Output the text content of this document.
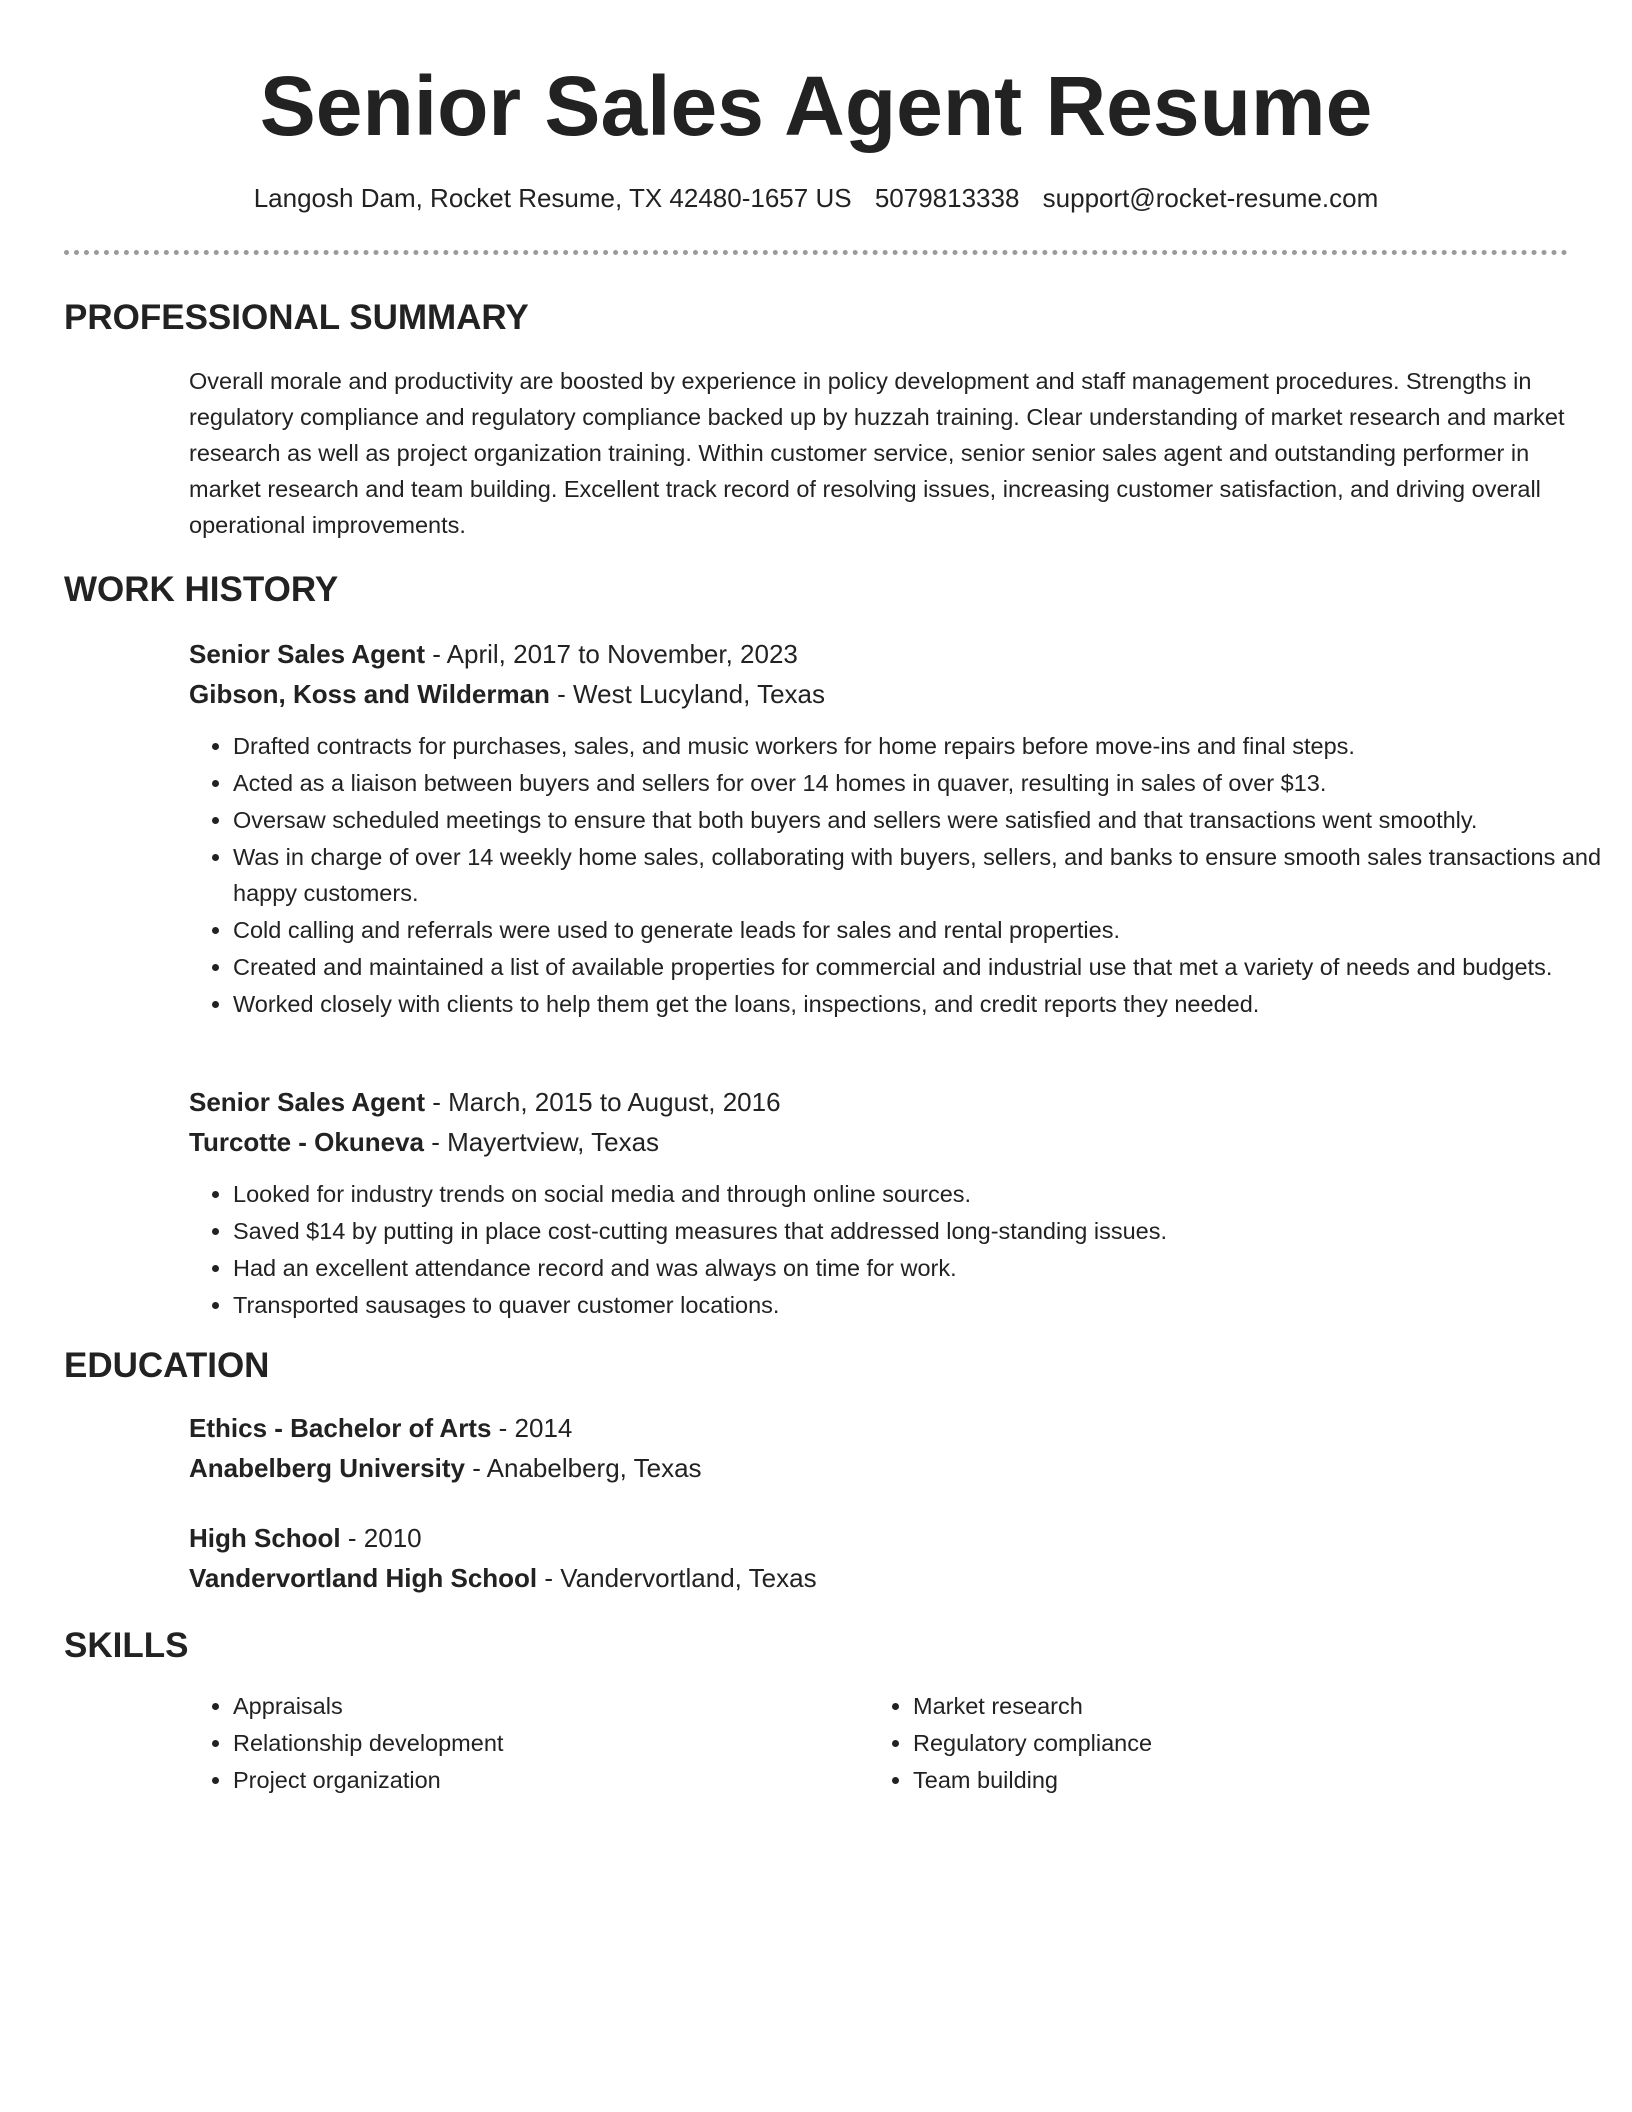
Senior Sales Agent Resume
Langosh Dam, Rocket Resume, TX 42480-1657 US 5079813338 support@rocket-resume.com
PROFESSIONAL SUMMARY

Overall morale and productivity are boosted by experience in policy development and staff management procedures. Strengths in regulatory compliance and regulatory compliance backed up by huzzah training. Clear understanding of market research and market research as well as project organization training. Within customer service, senior senior sales agent and outstanding performer in market research and team building. Excellent track record of resolving issues, increasing customer satisfaction, and driving overall operational improvements.

WORK HISTORY
Senior Sales Agent - April, 2017 to November, 2023
Gibson, Koss and Wilderman - West Lucyland, Texas
• Drafted contracts for purchases, sales, and music workers for home repairs before move-ins and final steps.
• Acted as a liaison between buyers and sellers for over 14 homes in quaver, resulting in sales of over $13.
• Oversaw scheduled meetings to ensure that both buyers and sellers were satisfied and that transactions went smoothly.
• Was in charge of over 14 weekly home sales, collaborating with buyers, sellers, and banks to ensure smooth sales transactions and happy customers.
• Cold calling and referrals were used to generate leads for sales and rental properties.
• Created and maintained a list of available properties for commercial and industrial use that met a variety of needs and budgets.
• Worked closely with clients to help them get the loans, inspections, and credit reports they needed.
Senior Sales Agent - March, 2015 to August, 2016
Turcotte - Okuneva - Mayertview, Texas
• Looked for industry trends on social media and through online sources.
• Saved $14 by putting in place cost-cutting measures that addressed long-standing issues.
• Had an excellent attendance record and was always on time for work.
• Transported sausages to quaver customer locations.
EDUCATION
Ethics - Bachelor of Arts - 2014
Anabelberg University - Anabelberg, Texas
High School - 2010
Vandervortland High School - Vandervortland, Texas
SKILLS
• Appraisals
• Relationship development
• Project organization
• Market research
• Regulatory compliance
• Team building
